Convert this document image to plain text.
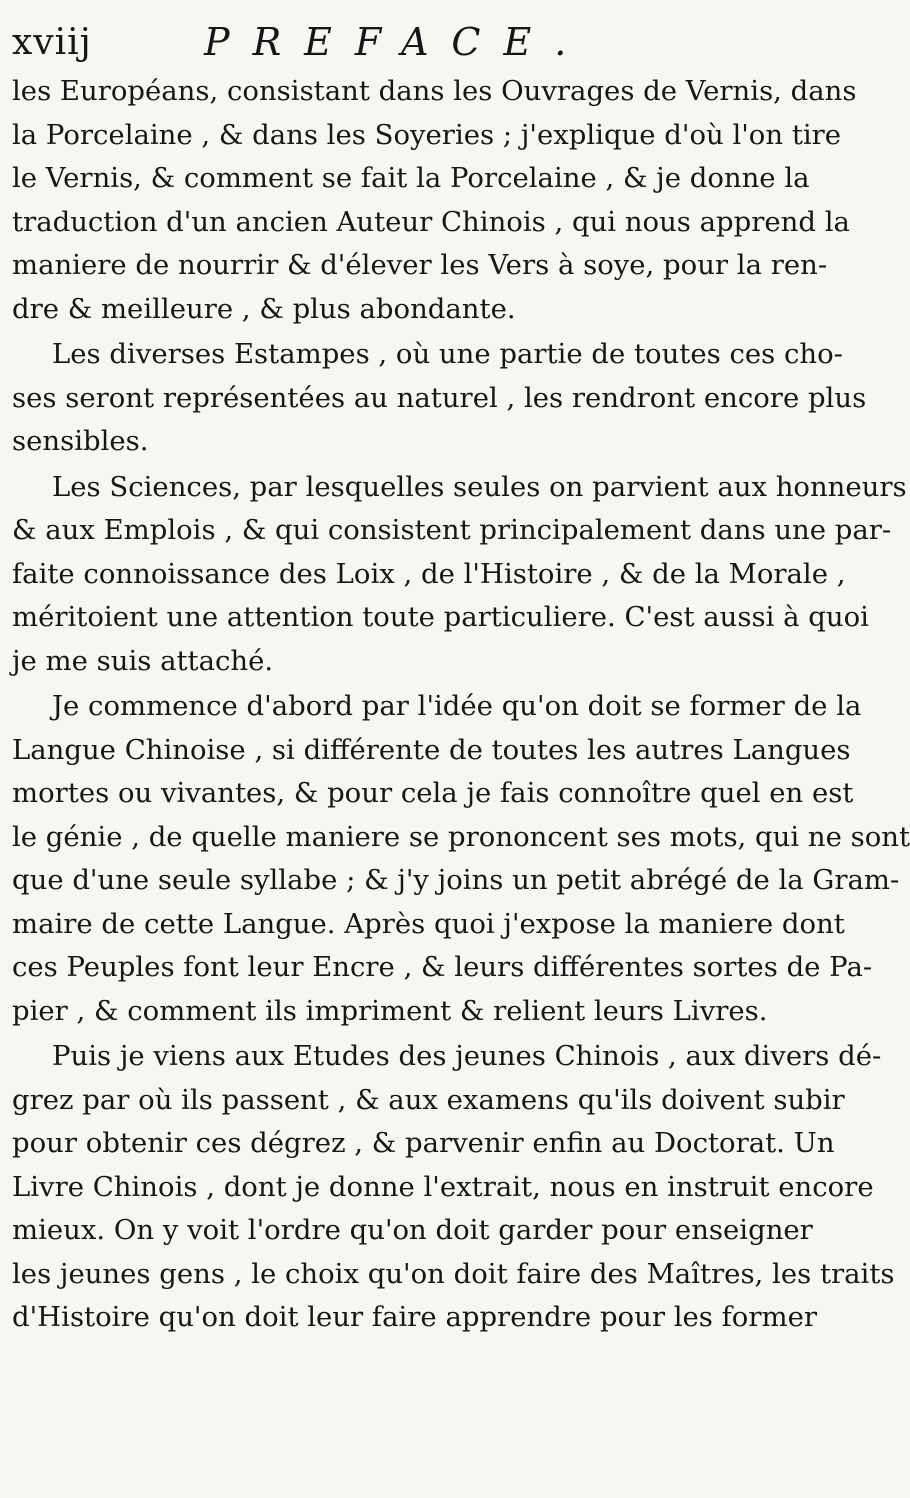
xviij	PREFACE.
les Européans, consistant dans les Ouvrages de Vernis, dans
la Porcelaine , & dans les Soyeries ; j'explique d'où l'on tire
le Vernis, & comment se fait la Porcelaine , & je donne la
traduction d'un ancien Auteur Chinois , qui nous apprend la
maniere de nourrir & d'élever les Vers à soye, pour la ren-
dre & meilleure , & plus abondante.
Les diverses Estampes , où une partie de toutes ces cho-
ses seront représentées au naturel , les rendront encore plus
sensibles.
Les Sciences, par lesquelles seules on parvient aux honneurs
& aux Emplois , & qui consistent principalement dans une par-
faite connoissance des Loix , de l'Histoire , & de la Morale ,
méritoient une attention toute particuliere. C'est aussi à quoi
je me suis attaché.
Je commence d'abord par l'idée qu'on doit se former de la
Langue Chinoise , si différente de toutes les autres Langues
mortes ou vivantes, & pour cela je fais connoître quel en est
le génie , de quelle maniere se prononcent ses mots, qui ne sont
que d'une seule syllabe ; & j'y joins un petit abrégé de la Gram-
maire de cette Langue. Après quoi j'expose la maniere dont
ces Peuples font leur Encre , & leurs différentes sortes de Pa-
pier , & comment ils impriment & relient leurs Livres.
Puis je viens aux Etudes des jeunes Chinois , aux divers dé-
grez par où ils passent , & aux examens qu'ils doivent subir
pour obtenir ces dégrez , & parvenir enfin au Doctorat. Un
Livre Chinois , dont je donne l'extrait, nous en instruit encore
mieux. On y voit l'ordre qu'on doit garder pour enseigner
les jeunes gens , le choix qu'on doit faire des Maîtres, les traits
d'Histoire qu'on doit leur faire apprendre pour les former
